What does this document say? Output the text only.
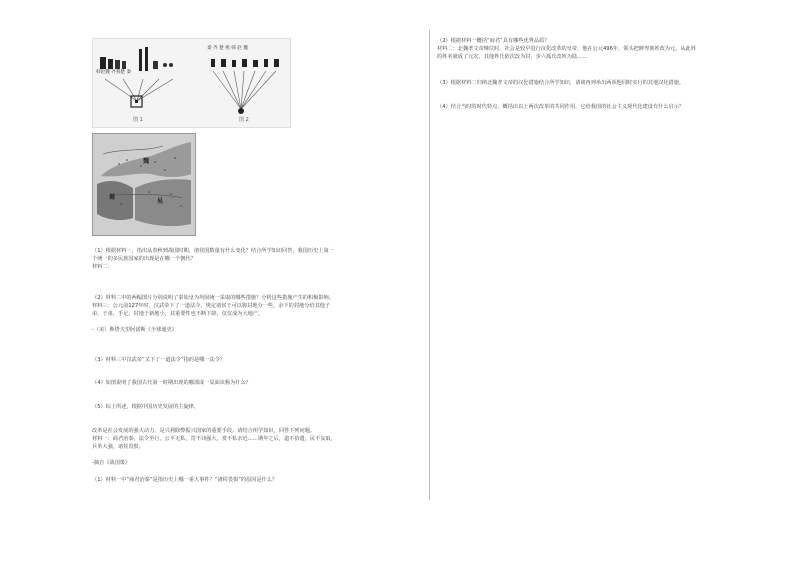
韩赵魏 齐燕楚 秦
秦 齐 楚 燕 韩 赵 魏
图 1	图 2
魏
蜀
吴
（1）根据材料一，指出从春秋到战国时期，诸侯国数量有什么变化？结合所学知识回答，我国历史上第一
个统一的多民族国家的出现是在哪一个朝代？
材料二：
（2）材料二中的两幅图片分别说明了秦始皇为巩固统一采取的哪些措施？分析这些措施产生的积极影响。
材料三：公元前127年时，汉武帝下了一道法令，规定诸侯王可以将封地分一些，余下的封地分给其他子
弟，子弟，手足。封地于新地小，其重要性也不断下降，仅仅成为大地产。
-（美）斯塔夫里阿诺斯《全球通史》
（3）材料三中汉武帝“又下了一道法令”指的是哪一法令？
（4）如图说明了我国古代第一时期出现的哪部成一局面该称为什么？
（5）综上所述，根据中国历史发展的主旋律。
改革是社会发展的强大动力，是兴利除弊振兴国家的重要手段。请结合所学知识，回答下列问题。
材料一：商君治秦，法令至行，公平无私，罚不讳强大，赏不私亲近……期年之后，道不拾遗，民不妄取，
兵革大强，诸侯畏惧。
-摘自《战国策》
（1）材料一中“商君治秦”是指历史上哪一重大事件？“诸侯畏惧”的原因是什么？
（2）根据材料一概括“商君”具有哪些优秀品质？
材料二：北魏孝文帝继位时，社会是较早进行汉化改革的皇帝，他在公元496年，领头把鲜卑族姓改为元，从此姓
的姓名就成了元宏，其他姓氏依次改为封，步六孤氏改姓为陆……
（3）根据材料二归纳北魏孝文帝的汉化措施结合所学知识，请谈再列举出两项他同时实行的其他汉化措施。
（4）结合当时的时代特点，概括出以上两次改革的共同作用。它给我国的社会主义现代化建设有什么启示？
